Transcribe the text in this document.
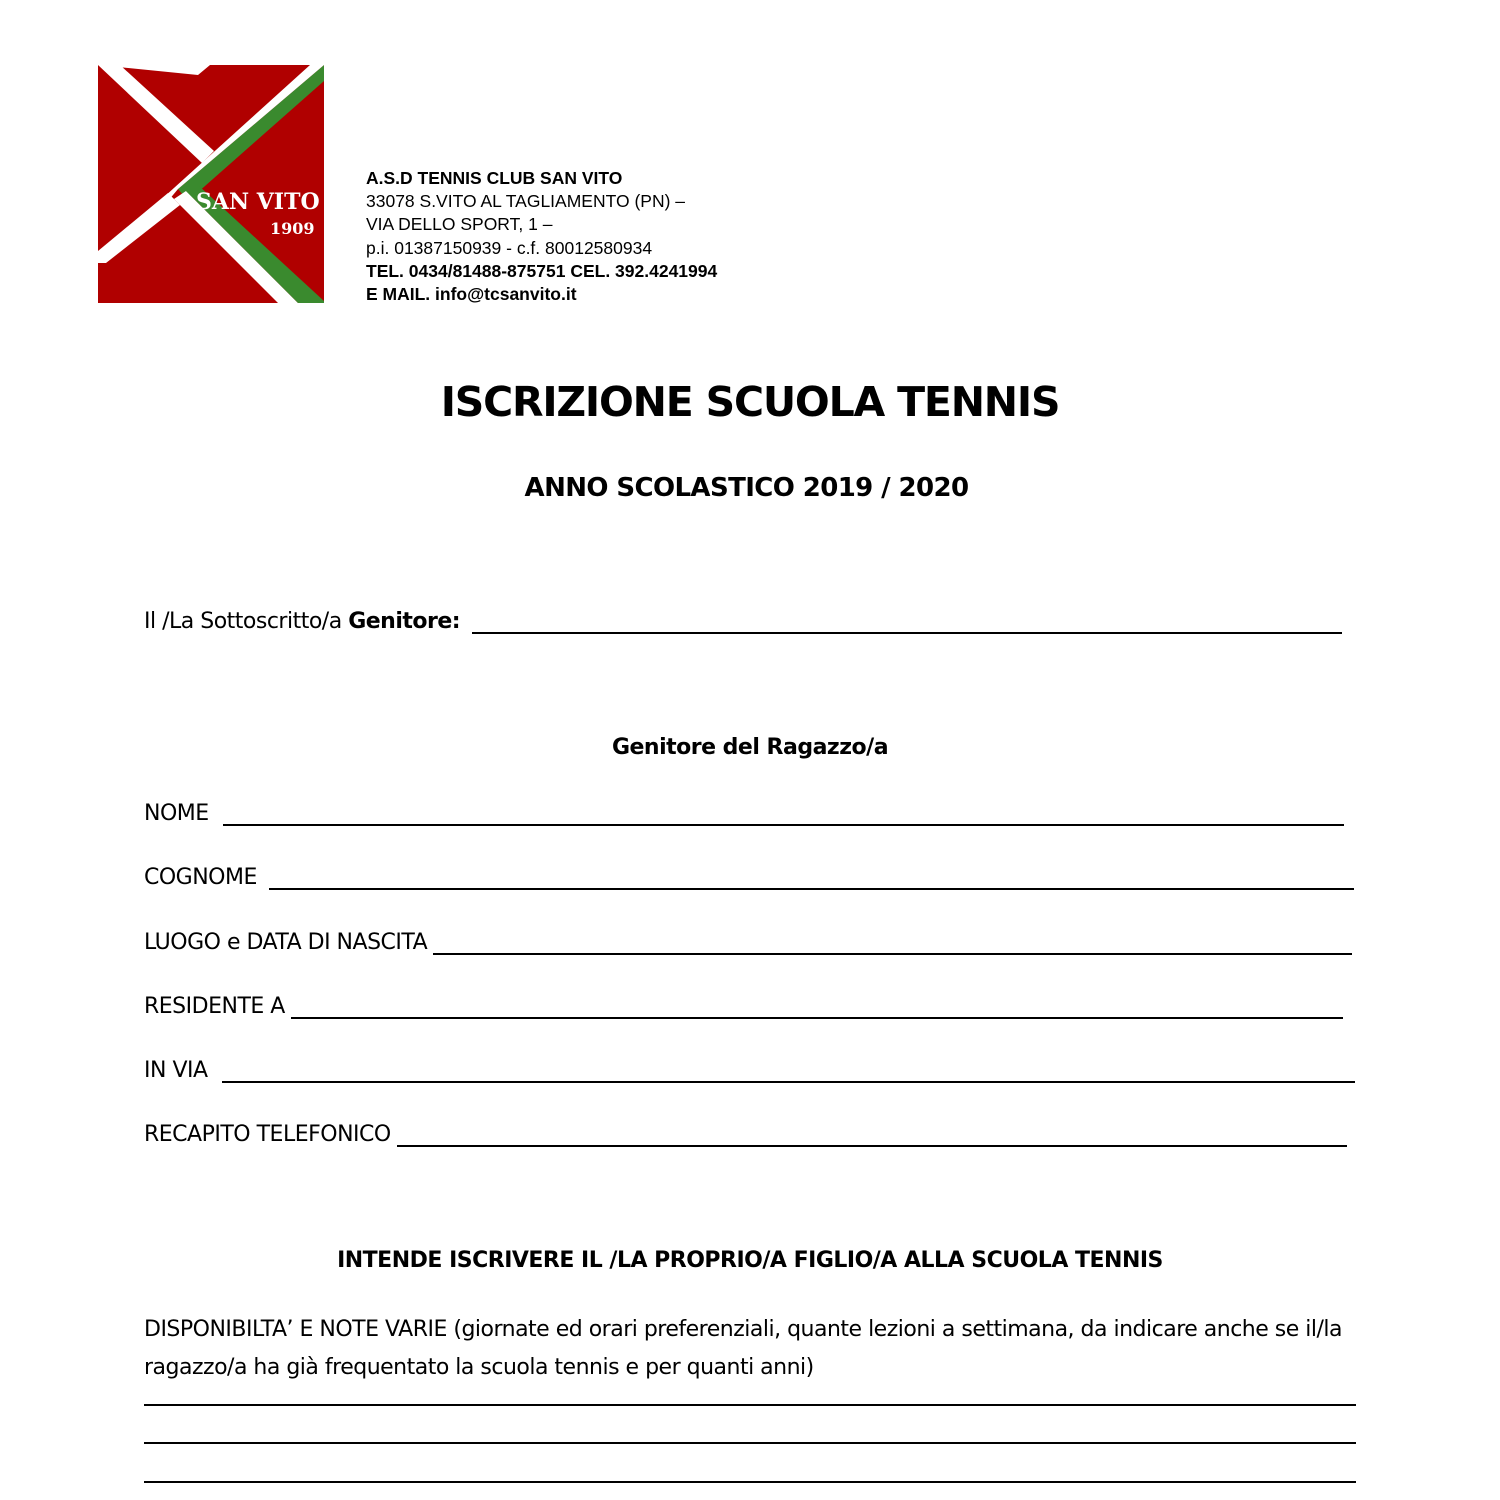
SAN VITO
1909
A.S.D TENNIS CLUB SAN VITO
33078 S.VITO AL TAGLIAMENTO (PN) –
VIA DELLO SPORT, 1 –
p.i. 01387150939 - c.f. 80012580934
TEL. 0434/81488-875751 CEL. 392.4241994
E MAIL. info@tcsanvito.it
ISCRIZIONE SCUOLA TENNIS
ANNO SCOLASTICO 2019 / 2020
Il /La Sottoscritto/a Genitore:
Genitore del Ragazzo/a
NOME
COGNOME
LUOGO e DATA DI NASCITA
RESIDENTE A
IN VIA
RECAPITO TELEFONICO
INTENDE ISCRIVERE IL /LA PROPRIO/A FIGLIO/A ALLA SCUOLA TENNIS
DISPONIBILTA’ E NOTE VARIE (giornate ed orari preferenziali, quante lezioni a settimana, da indicare anche se il/la ragazzo/a ha già frequentato la scuola tennis e per quanti anni)
